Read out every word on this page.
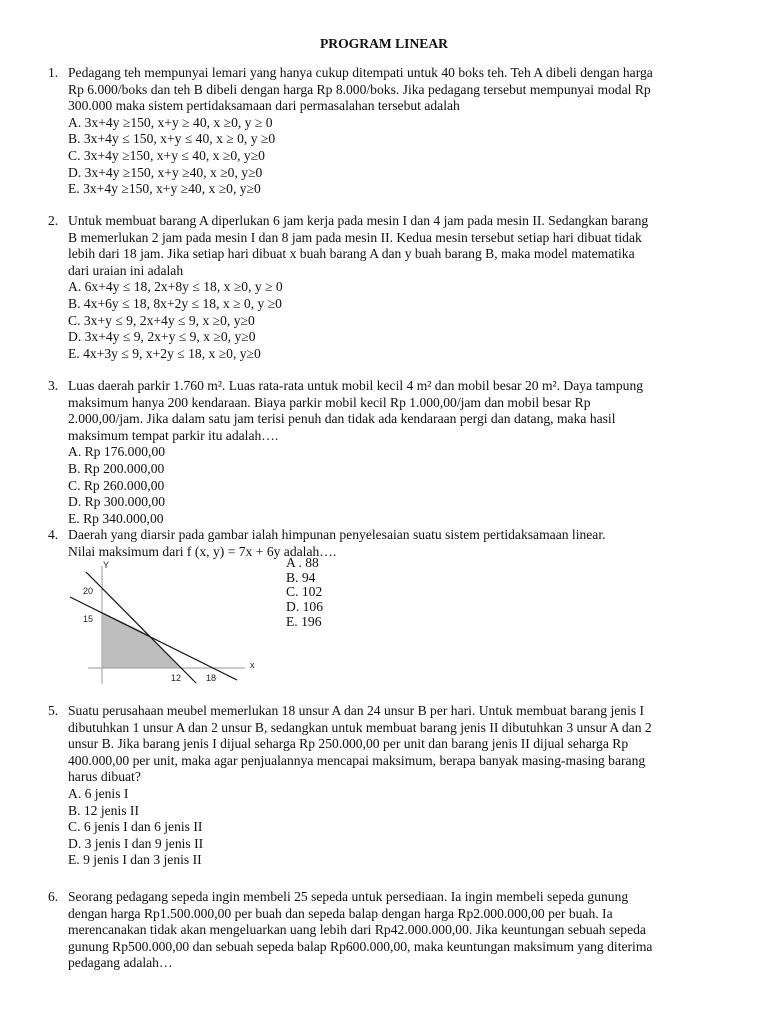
PROGRAM LINEAR
1. Pedagang teh mempunyai lemari yang hanya cukup ditempati untuk 40 boks teh. Teh A dibeli dengan harga
Rp 6.000/boks dan teh B dibeli dengan harga Rp 8.000/boks. Jika pedagang tersebut mempunyai modal Rp
300.000 maka sistem pertidaksamaan dari permasalahan tersebut adalah
A. 3x+4y ≥150, x+y ≥ 40, x ≥0, y ≥ 0
B. 3x+4y ≤ 150, x+y ≤ 40, x ≥ 0, y ≥0
C. 3x+4y ≥150, x+y ≤ 40, x ≥0, y≥0
D. 3x+4y ≥150, x+y ≥40, x ≥0, y≥0
E. 3x+4y ≥150, x+y ≥40, x ≥0, y≥0
2. Untuk membuat barang A diperlukan 6 jam kerja pada mesin I dan 4 jam pada mesin II. Sedangkan barang
B memerlukan 2 jam pada mesin I dan 8 jam pada mesin II. Kedua mesin tersebut setiap hari dibuat tidak
lebih dari 18 jam. Jika setiap hari dibuat x buah barang A dan y buah barang B, maka model matematika
dari uraian ini adalah
A. 6x+4y ≤ 18, 2x+8y ≤ 18, x ≥0, y ≥ 0
B. 4x+6y ≤ 18, 8x+2y ≤ 18, x ≥ 0, y ≥0
C. 3x+y ≤ 9, 2x+4y ≤ 9, x ≥0, y≥0
D. 3x+4y ≤ 9, 2x+y ≤ 9, x ≥0, y≥0
E. 4x+3y ≤ 9, x+2y ≤ 18, x ≥0, y≥0
3. Luas daerah parkir 1.760 m². Luas rata-rata untuk mobil kecil 4 m² dan mobil besar 20 m². Daya tampung
maksimum hanya 200 kendaraan. Biaya parkir mobil kecil Rp 1.000,00/jam dan mobil besar Rp
2.000,00/jam. Jika dalam satu jam terisi penuh dan tidak ada kendaraan pergi dan datang, maka hasil
maksimum tempat parkir itu adalah….
A. Rp 176.000,00
B. Rp 200.000,00
C. Rp 260.000,00
D. Rp 300.000,00
E. Rp 340.000,00
4. Daerah yang diarsir pada gambar ialah himpunan penyelesaian suatu sistem pertidaksamaan linear.
Nilai maksimum dari f (x, y) = 7x + 6y adalah….
5. Suatu perusahaan meubel memerlukan 18 unsur A dan 24 unsur B per hari. Untuk membuat barang jenis I
dibutuhkan 1 unsur A dan 2 unsur B, sedangkan untuk membuat barang jenis II dibutuhkan 3 unsur A dan 2
unsur B. Jika barang jenis I dijual seharga Rp 250.000,00 per unit dan barang jenis II dijual seharga Rp
400.000,00 per unit, maka agar penjualannya mencapai maksimum, berapa banyak masing-masing barang
harus dibuat?
A. 6 jenis I
B. 12 jenis II
C. 6 jenis I dan 6 jenis II
D. 3 jenis I dan 9 jenis II
E. 9 jenis I dan 3 jenis II
6. Seorang pedagang sepeda ingin membeli 25 sepeda untuk persediaan. Ia ingin membeli sepeda gunung
dengan harga Rp1.500.000,00 per buah dan sepeda balap dengan harga Rp2.000.000,00 per buah. Ia
merencanakan tidak akan mengeluarkan uang lebih dari Rp42.000.000,00. Jika keuntungan sebuah sepeda
gunung Rp500.000,00 dan sebuah sepeda balap Rp600.000,00, maka keuntungan maksimum yang diterima
pedagang adalah…
A . 88
B. 94
C. 102
D. 106
E. 196
Y
x
20
15
12	18
